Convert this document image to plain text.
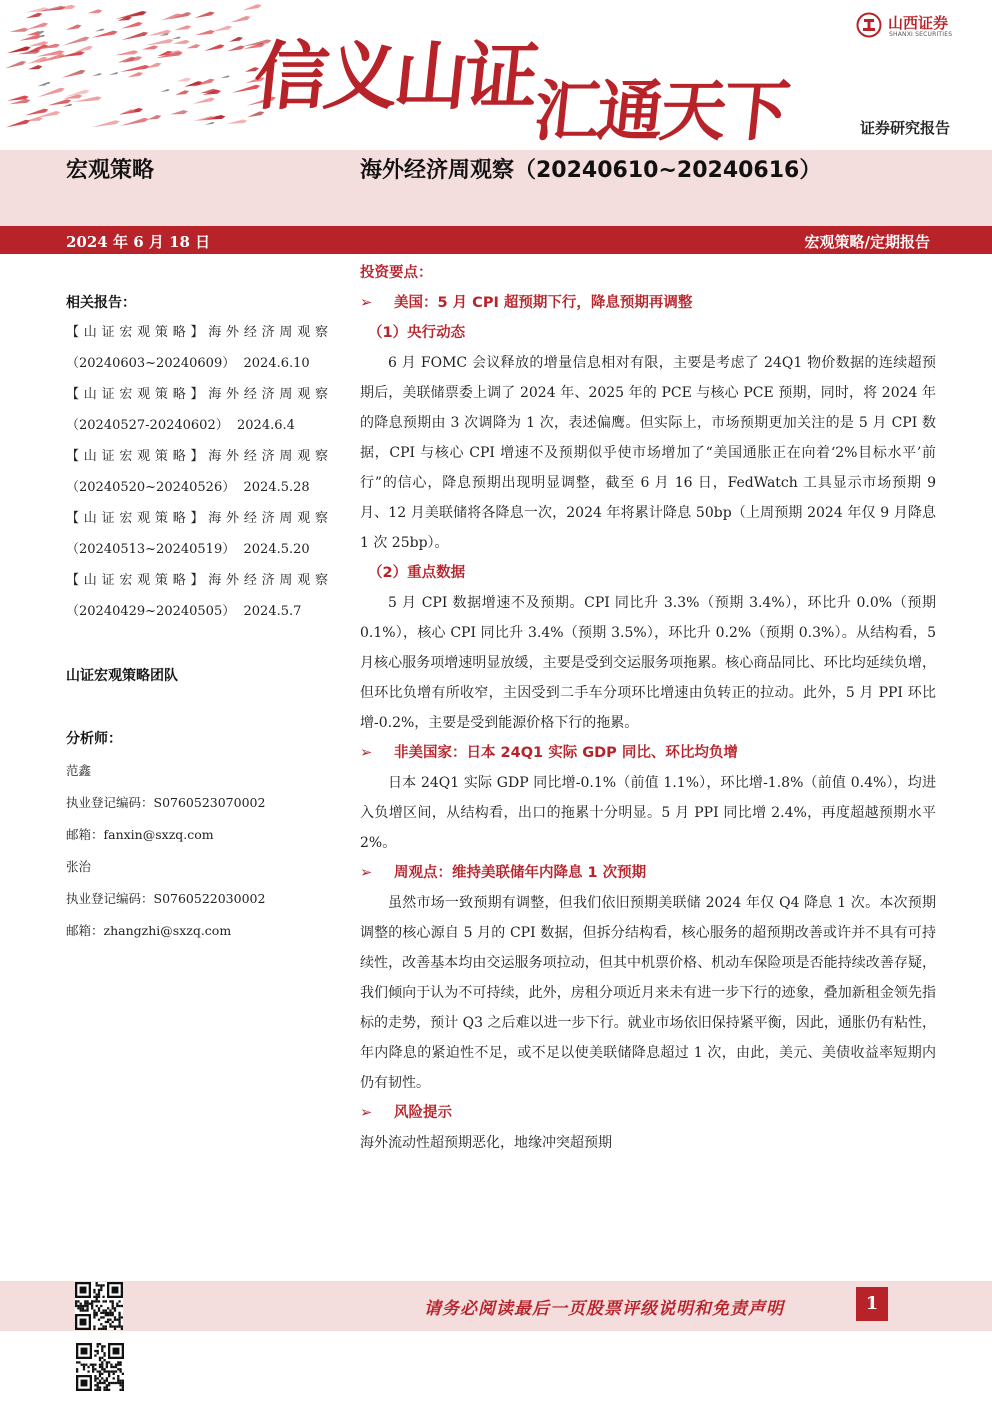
信义山证
汇通天下
山西证券
SHANXI SECURITIES
证券研究报告
宏观策略	海外经济周观察（20240610~20240616）
2024 年 6 月 18 日	宏观策略/定期报告
相关报告：
【山证宏观策略】海外经济周观察
（20240603~20240609） 2024.6.10
【山证宏观策略】海外经济周观察
（20240527-20240602） 2024.6.4
【山证宏观策略】海外经济周观察
（20240520~20240526） 2024.5.28
【山证宏观策略】海外经济周观察
（20240513~20240519） 2024.5.20
【山证宏观策略】海外经济周观察
（20240429~20240505） 2024.5.7
山证宏观策略团队
分析师：
范鑫
执业登记编码：S0760523070002
邮箱：fanxin@sxzq.com
张治
执业登记编码：S0760522030002
邮箱：zhangzhi@sxzq.com
投资要点：
➢ 美国：5 月 CPI 超预期下行，降息预期再调整
（1）央行动态

6 月 FOMC 会议释放的增量信息相对有限，主要是考虑了 24Q1 物价数据的连续超预期后，美联储票委上调了 2024 年、2025 年的 PCE 与核心 PCE 预期，同时，将 2024 年的降息预期由 3 次调降为 1 次，表述偏鹰。但实际上，市场预期更加关注的是 5 月 CPI 数据，CPI 与核心 CPI 增速不及预期似乎使市场增加了“美国通胀正在向着‘2%目标水平’前行”的信心，降息预期出现明显调整，截至 6 月 16 日，FedWatch 工具显示市场预期 9 月、12 月美联储将各降息一次，2024 年将累计降息 50bp（上周预期 2024 年仅 9 月降息 1 次 25bp）。

（2）重点数据

5 月 CPI 数据增速不及预期。CPI 同比升 3.3%（预期 3.4%），环比升 0.0%（预期 0.1%），核心 CPI 同比升 3.4%（预期 3.5%），环比升 0.2%（预期 0.3%）。从结构看，5 月核心服务项增速明显放缓，主要是受到交运服务项拖累。核心商品同比、环比均延续负增，但环比负增有所收窄，主因受到二手车分项环比增速由负转正的拉动。此外，5 月 PPI 环比增-0.2%，主要是受到能源价格下行的拖累。

➢ 非美国家：日本 24Q1 实际 GDP 同比、环比均负增

日本 24Q1 实际 GDP 同比增-0.1%（前值 1.1%），环比增-1.8%（前值 0.4%），均进入负增区间，从结构看，出口的拖累十分明显。5 月 PPI 同比增 2.4%，再度超越预期水平 2%。

➢ 周观点：维持美联储年内降息 1 次预期

虽然市场一致预期有调整，但我们依旧预期美联储 2024 年仅 Q4 降息 1 次。本次预期调整的核心源自 5 月的 CPI 数据，但拆分结构看，核心服务的超预期改善或许并不具有可持续性，改善基本均由交运服务项拉动，但其中机票价格、机动车保险项是否能持续改善存疑，我们倾向于认为不可持续，此外，房租分项近月来未有进一步下行的迹象，叠加新租金领先指标的走势，预计 Q3 之后难以进一步下行。就业市场依旧保持紧平衡，因此，通胀仍有粘性，年内降息的紧迫性不足，或不足以使美联储降息超过 1 次，由此，美元、美债收益率短期内仍有韧性。

➢ 风险提示

海外流动性超预期恶化，地缘冲突超预期

请务必阅读最后一页股票评级说明和免责声明	1
